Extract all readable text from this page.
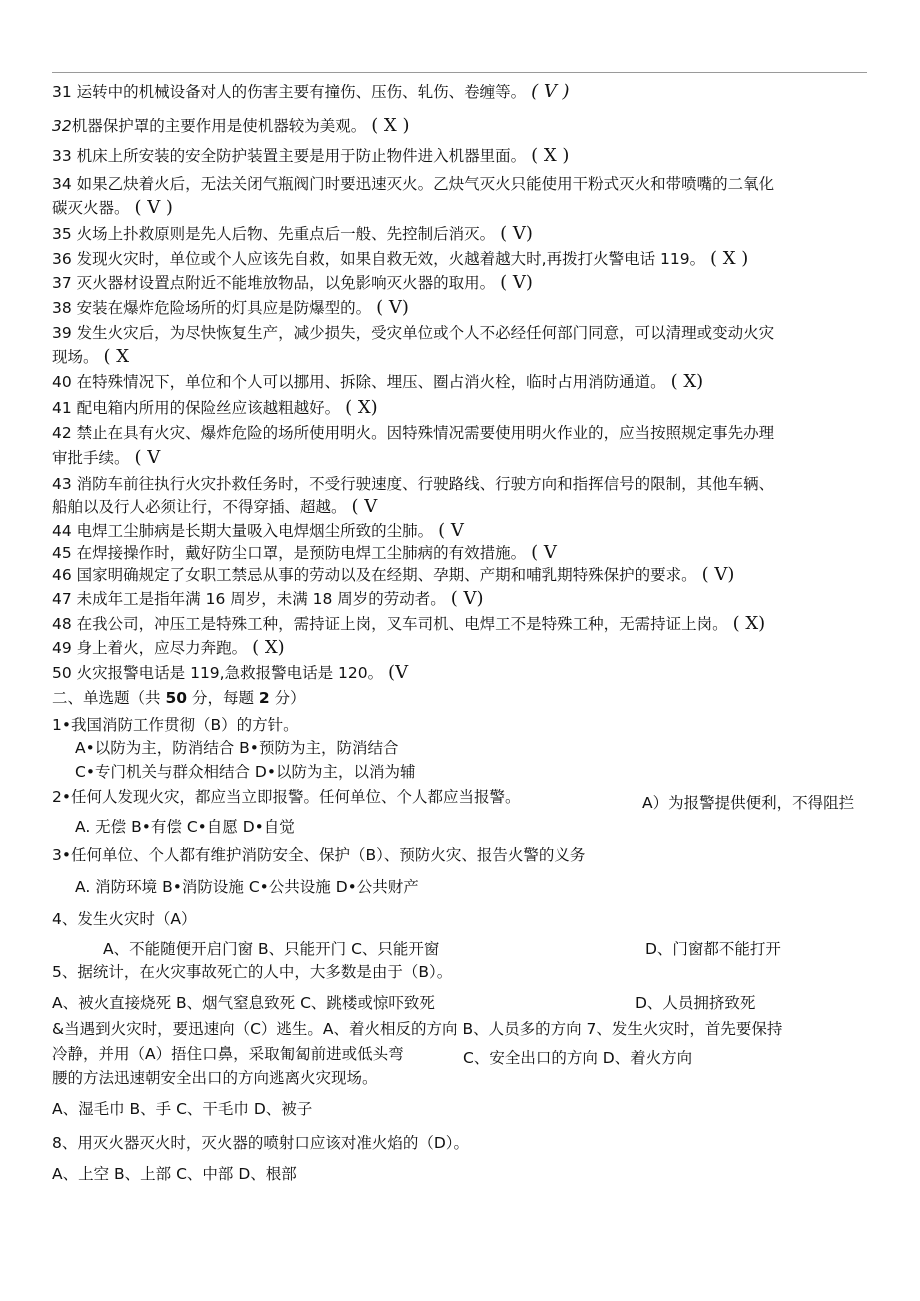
31 运转中的机械设备对人的伤害主要有撞伤、压伤、轧伤、卷缠等。 ( V )
32机器保护罩的主要作用是使机器较为美观。 ( X )
33 机床上所安装的安全防护装置主要是用于防止物件进入机器里面。 ( X )
34 如果乙炔着火后，无法关闭气瓶阀门时要迅速灭火。乙炔气灭火只能使用干粉式灭火和带喷嘴的二氧化
碳灭火器。 ( V )
35 火场上扑救原则是先人后物、先重点后一般、先控制后消灭。 ( V)
36 发现火灾时，单位或个人应该先自救，如果自救无效，火越着越大时,再拨打火警电话 119。 ( X )
37 灭火器材设置点附近不能堆放物品，以免影响灭火器的取用。 ( V)
38 安装在爆炸危险场所的灯具应是防爆型的。 ( V)
39 发生火灾后，为尽快恢复生产，减少损失，受灾单位或个人不必经任何部门同意，可以清理或变动火灾
现场。 ( X
40 在特殊情况下，单位和个人可以挪用、拆除、埋压、圈占消火栓，临时占用消防通道。 ( X)
41 配电箱内所用的保险丝应该越粗越好。 ( X)
42 禁止在具有火灾、爆炸危险的场所使用明火。因特殊情况需要使用明火作业的，应当按照规定事先办理
审批手续。 ( V
43 消防车前往执行火灾扑救任务时，不受行驶速度、行驶路线、行驶方向和指挥信号的限制，其他车辆、
船舶以及行人必须让行，不得穿插、超越。 ( V
44 电焊工尘肺病是长期大量吸入电焊烟尘所致的尘肺。 ( V
45 在焊接操作时，戴好防尘口罩，是预防电焊工尘肺病的有效措施。 ( V
46 国家明确规定了女职工禁忌从事的劳动以及在经期、孕期、产期和哺乳期特殊保护的要求。 ( V)
47 未成年工是指年满 16 周岁，未满 18 周岁的劳动者。 ( V)
48 在我公司，冲压工是特殊工种，需持证上岗，叉车司机、电焊工不是特殊工种，无需持证上岗。 ( X)
49 身上着火，应尽力奔跑。 ( X)
50 火灾报警电话是 119,急救报警电话是 120。 (V
二、单选题（共 50 分，每题 2 分）
1•我国消防工作贯彻（B）的方针。
A•以防为主，防消结合 B•预防为主，防消结合
C•专门机关与群众相结合 D•以防为主，以消为辅
2•任何人发现火灾，都应当立即报警。任何单位、个人都应当报警。	A）为报警提供便利，不得阻拦
A. 无偿 B•有偿 C•自愿 D•自觉
3•任何单位、个人都有维护消防安全、保护（B）、预防火灾、报告火警的义务
A. 消防环境 B•消防设施 C•公共设施 D•公共财产
4、发生火灾时（A）
A、不能随便开启门窗 B、只能开门 C、只能开窗	D、门窗都不能打开
5、据统计，在火灾事故死亡的人中，大多数是由于（B）。
A、被火直接烧死 B、烟气窒息致死 C、跳楼或惊吓致死	D、人员拥挤致死
&当遇到火灾时，要迅速向（C）逃生。A、着火相反的方向 B、人员多的方向 7、发生火灾时，首先要保持
冷静，并用（A）捂住口鼻，采取匍匐前进或低头弯	C、安全出口的方向 D、着火方向
腰的方法迅速朝安全出口的方向逃离火灾现场。
A、湿毛巾 B、手 C、干毛巾 D、被子
8、用灭火器灭火时，灭火器的喷射口应该对准火焰的（D）。
A、上空 B、上部 C、中部 D、根部
